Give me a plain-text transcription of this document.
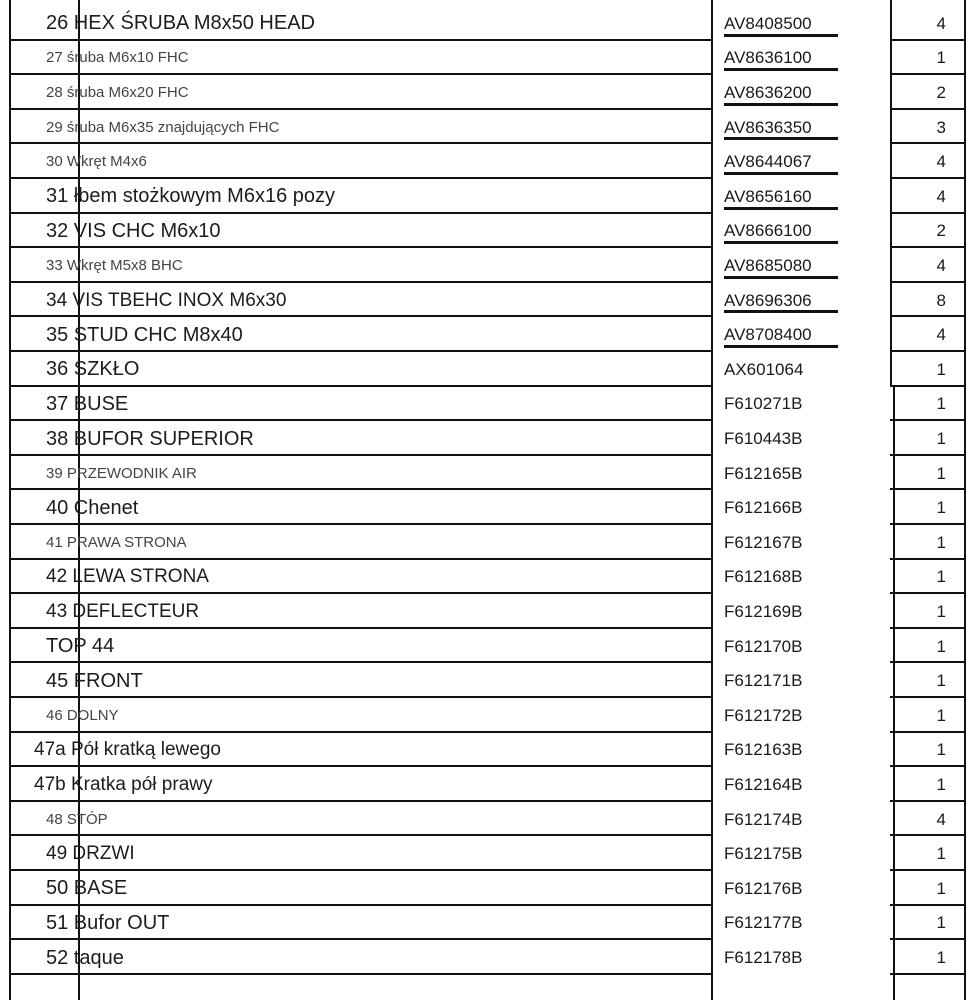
26 HEX ŚRUBA M8x50 HEAD	AV8408500	4
27 śruba M6x10 FHC	AV8636100	1
28 śruba M6x20 FHC	AV8636200	2
29 śruba M6x35 znajdujących FHC	AV8636350	3
30 Wkręt M4x6	AV8644067	4
31 łbem stożkowym M6x16 pozy	AV8656160	4
32 VIS CHC M6x10	AV8666100	2
33 Wkręt M5x8 BHC	AV8685080	4
34 VIS TBEHC INOX M6x30	AV8696306	8
35 STUD CHC M8x40	AV8708400	4
36 SZKŁO	AX601064	1
37 BUSE	F610271B	1
38 BUFOR SUPERIOR	F610443B	1
39 PRZEWODNIK AIR	F612165B	1
40 Chenet	F612166B	1
41 PRAWA STRONA	F612167B	1
42 LEWA STRONA	F612168B	1
43 DEFLECTEUR	F612169B	1
TOP 44	F612170B	1
45 FRONT	F612171B	1
46 DOLNY	F612172B	1
47a Pół kratką lewego	F612163B	1
47b Kratka pół prawy	F612164B	1
48 STÓP	F612174B	4
49 DRZWI	F612175B	1
50 BASE	F612176B	1
51 Bufor OUT	F612177B	1
52 taque	F612178B	1
